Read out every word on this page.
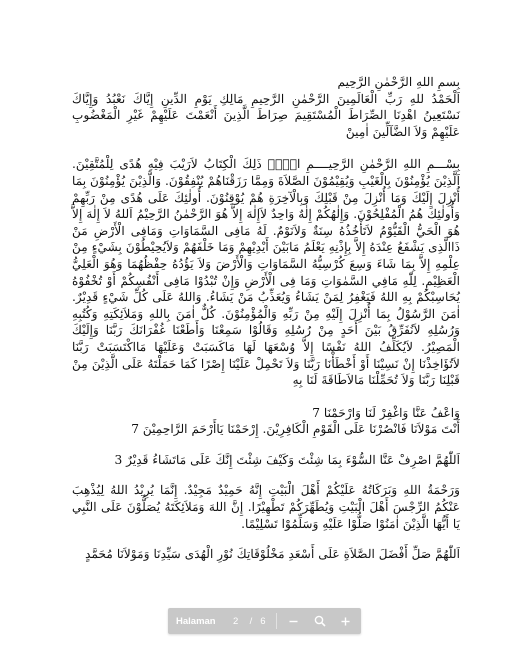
بِسمِ اللهِ الرَّحْمٰنِ الرَّحِيم

اَلْحَمْدُ للهِ رَبِّ الْعَالَمِينَ الرَّحْمٰنِ الرَّحِيمِ مَالِكِ يَوْمِ الدِّينِ إِيَّاكَ نَعْبُدُ وَإِيَّاكَ نَسْتَعِينُ اهْدِنَا الصِّرَاطَ الْمُسْتَقِيمَ صِرَاطَ الَّذِينَ أَنْعَمْتَ عَلَيْهِمْ غَيْرِ الْمَغْضُوبِ عَلَيْهِمْ وَلاَ الضَّآلِّينَ اٰمِينْ

بِسْـــمِ اللهِ الرَّحْمٰنِ الرَّحِيــــمِ الۤمۤ ذَلِكَ الْكِتَابُ لاَرَيْبَ فِيْهِ هُدًى لِلْمُتَّقِيْنَ. اَلَّذِيْنَ يُؤْمِنُوْنَ بِالْغَيْبِ وَيُقِيْمُوْنَ الصَّلاَةَ وَمِمَّا رَزَقْنَاهُمْ يُنْفِقُوْنَ. وَالَّذِيْنَ يُؤْمِنُوْنَ بِمَا أُنْزِلَ إِلَيْكَ وَمَا أُنْزِلَ مِنْ قَبْلِكَ وَبِالْآخِرَةِ هُمْ يُوْقِنُوْنَ. أُولٰئِكَ عَلَى هُدًى مِنْ رَبِّهِمْ وَأُولٰئِكَ هُمُ الْمُفْلِحُوْنَ. وَإِلٰهُكُمْ إِلٰهٌ وَاحِدٌ لاَإِلٰهَ إِلاَّ هُوَ الرَّحْمٰنُ الرَّحِيْمُ اَللهُ لاَ إِلٰهَ إِلاَّ هُوَ الْحَيُّ الْقَيُّوْمُ لاَتَأْخُذُهُ سِنَةٌ وَلاَنَوْمٌ. لَهُ مَافِى السَّمَاوَاتِ وَمَافِى الْأَرْضِ مَنْ ذَاالَّذِى يَشْفَعُ عِنْدَهُ إِلاَّ بِإِذْنِهِ يَعْلَمُ مَابَيْنَ أَيْدِيْهِمْ وَمَا خَلْفَهُمْ وَلاَيُحِيْطُوْنَ بِشَيْءٍ مِنْ عِلْمِهِ إِلاَّ بِمَا شَاءَ وَسِعَ كُرْسِيُّهُ السَّمَاوَاتِ وَالْأَرْضَ وَلاَ يَؤُدُهُ حِفْظُهُمَا وَهُوَ الْعَلِيُّ الْعَظِيْمِ. لِلّٰهِ مَافِي السَّمٰوَاتِ وَمَا فِى الْأَرْضِ وَإِنْ تُبْدُوْا مَافِى أَنْفُسِكُمْ أَوْ تُخْفُوْهُ يُحَاسِبْكُمْ بِهِ اللهُ فَيَغْفِرُ لِمَنْ يَشَاءُ وَيُعَذِّبُ مَنْ يَشَاءُ. وَاللهُ عَلَى كُلِّ شَيْءٍ قَدِيْرٌ. اٰمَنَ الرَّسُوْلُ بِمَا أُنْزِلَ إِلَيْهِ مِنْ رَبِّهِ وَالْمُؤْمِنُوْنَ. كُلٌّ اٰمَنَ بِاللهِ وَمَلاَئِكَتِهِ وَكُتُبِهِ وَرُسُلِهِ لاَنُفَرِّقُ بَيْنَ أَحَدٍ مِنْ رُسُلِهِ وَقَالُوْا سَمِعْنَا وَأَطَعْنَا غُفْرَانَكَ رَبَّنَا وَإِلَيْكَ الْمَصِيْرُ. لاَيُكَلِّفُ اللهُ نَفْسًا إِلاَّ وُسْعَهَا لَهَا مَاكَسَبَتْ وَعَلَيْهَا مَااكْتَسَبَتْ رَبَّنَا لاَتُؤَاخِذْنَا إِنْ نَسِيْنَا أَوْ أَخْطَأْنَا رَبَّنَا وَلاَ تَحْمِلْ عَلَيْنَا إِصْرًا كَمَا حَمَلْتَهُ عَلَى الَّذِيْنَ مِنْ قَبْلِنَا رَبَّنَا وَلاَ تُحَمِّلْنَا مَالاَطَاقَةَ لَنَا بِهِ

وَاعْفُ عَنَّا وَاغْفِرْ لَنَا وَارْحَمْنَا 7

أَنْتَ مَوْلاَنَا فَانْصُرْنَا عَلَى الْقَوْمِ الْكَافِرِيْنَ. إِرْحَمْنَا يَاأَرْحَمَ الرَّاحِمِيْنَ 7

اَللّٰهُمَّ اصْرِفْ عَنَّا السُّوْءَ بِمَا شِئْتَ وَكَيْفَ شِئْتَ إِنَّكَ عَلَى مَاتَشَاءُ قَدِيْرٌ 3

وَرَحْمَةُ اللهِ وَبَرَكَاتُهُ عَلَيْكُمْ أَهْلَ الْبَيْتِ إِنَّهُ حَمِيْدٌ مَجِيْدٌ. إِنَّمَا يُرِيْدُ اللهُ لِيُذْهِبَ عَنْكُمُ الرِّجْسَ أَهْلَ الْبَيْتِ وَيُطَهِّرَكُمْ تَطْهِيْرًا. إِنَّ اللهَ وَمَلاَئِكَتَهُ يُصَلُّوْنَ عَلَى النَّبِي يَا أَيُّهَا الَّذِيْنَ اٰمَنُوْا صَلُّوْا عَلَيْهِ وَسَلِّمُوْا تَسْلِيْمًا.

اَللّٰهُمَّ صَلِّ أَفْضَلَ الصَّلاَةِ عَلَى أَسْعَدِ مَخْلُوْقَاتِكَ نُوْرِ الْهُدَى سَيِّدِنَا وَمَوْلاَنَا مُحَمَّدٍ

Halaman	2	/ 6
